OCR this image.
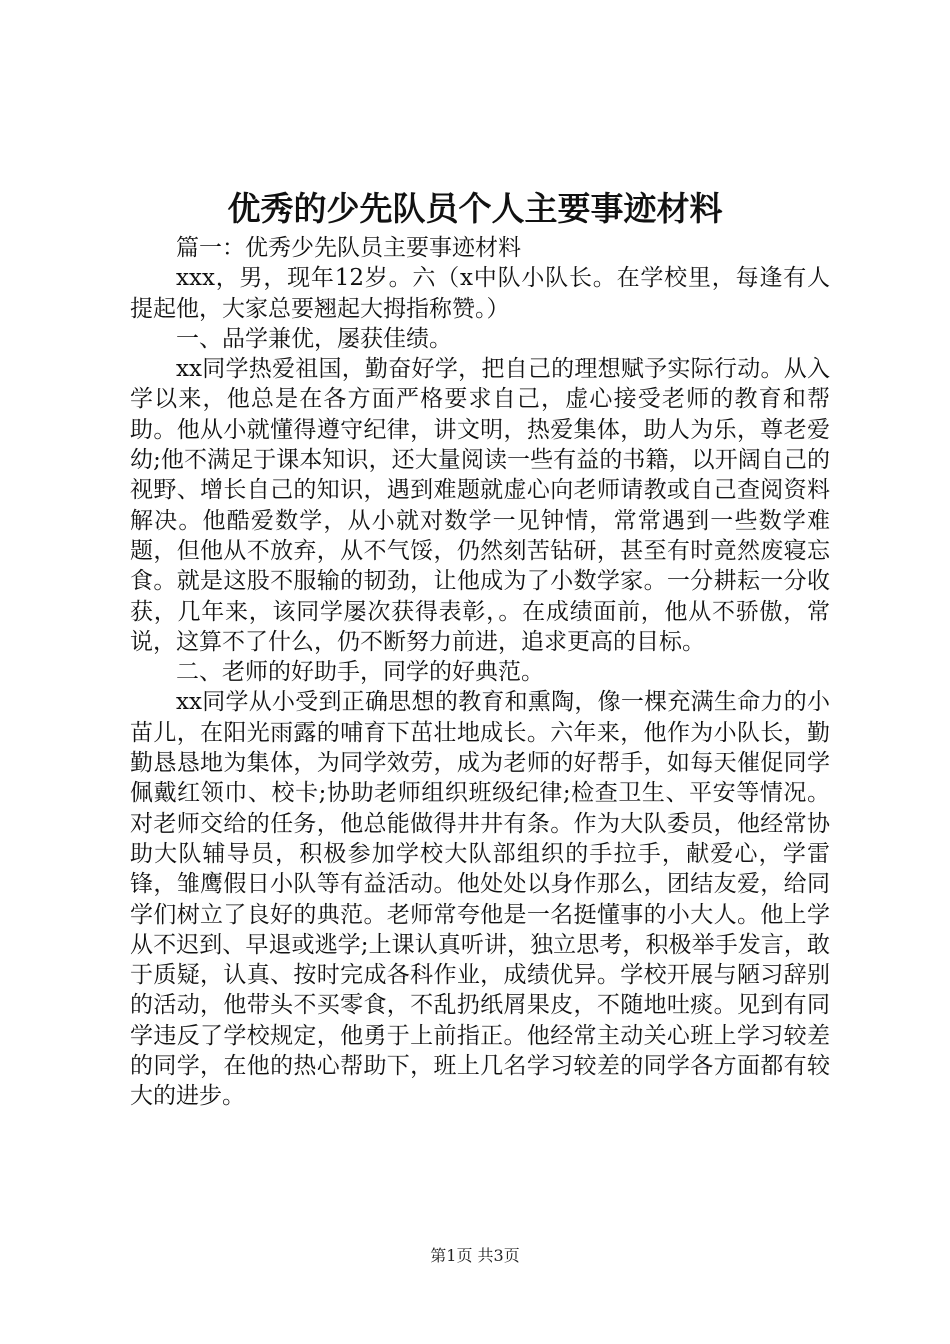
优秀的少先队员个人主要事迹材料

篇一：优秀少先队员主要事迹材料

xxx，男，现年12岁。六（x中队小队长。在学校里，每逢有人提起他，大家总要翘起大拇指称赞。）

一、品学兼优，屡获佳绩。

xx同学热爱祖国，勤奋好学，把自己的理想赋予实际行动。从入学以来，他总是在各方面严格要求自己，虚心接受老师的教育和帮助。他从小就懂得遵守纪律，讲文明，热爱集体，助人为乐，尊老爱幼;他不满足于课本知识，还大量阅读一些有益的书籍，以开阔自己的视野、增长自己的知识，遇到难题就虚心向老师请教或自己查阅资料解决。他酷爱数学，从小就对数学一见钟情，常常遇到一些数学难题，但他从不放弃，从不气馁，仍然刻苦钻研，甚至有时竟然废寝忘食。就是这股不服输的韧劲，让他成为了小数学家。一分耕耘一分收获，几年来，该同学屡次获得表彰，。在成绩面前，他从不骄傲，常说，这算不了什么，仍不断努力前进，追求更高的目标。

二、老师的好助手，同学的好典范。

xx同学从小受到正确思想的教育和熏陶，像一棵充满生命力的小苗儿，在阳光雨露的哺育下茁壮地成长。六年来，他作为小队长，勤勤恳恳地为集体，为同学效劳，成为老师的好帮手，如每天催促同学佩戴红领巾、校卡;协助老师组织班级纪律;检查卫生、平安等情况。对老师交给的任务，他总能做得井井有条。作为大队委员，他经常协助大队辅导员，积极参加学校大队部组织的手拉手，献爱心，学雷锋，雏鹰假日小队等有益活动。他处处以身作那么，团结友爱，给同学们树立了良好的典范。老师常夸他是一名挺懂事的小大人。他上学从不迟到、早退或逃学;上课认真听讲，独立思考，积极举手发言，敢于质疑，认真、按时完成各科作业，成绩优异。学校开展与陋习辞别的活动，他带头不买零食，不乱扔纸屑果皮，不随地吐痰。见到有同学违反了学校规定，他勇于上前指正。他经常主动关心班上学习较差的同学，在他的热心帮助下，班上几名学习较差的同学各方面都有较大的进步。

第1页 共3页
